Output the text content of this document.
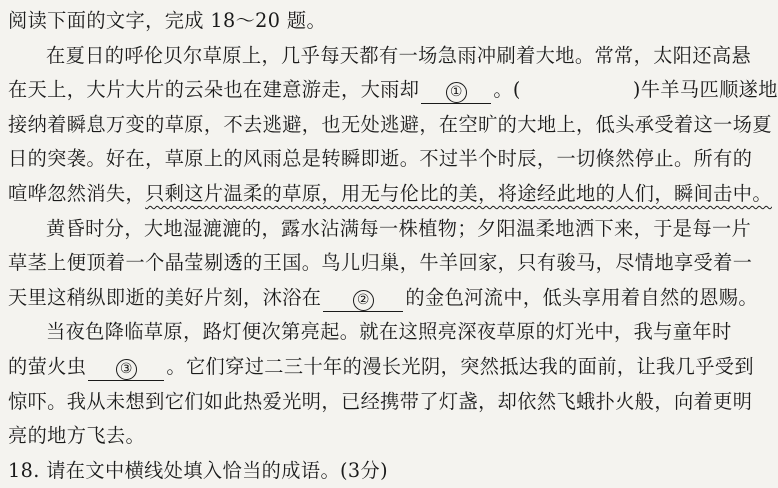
阅读下面的文字，完成 18～20 题。
在夏日的呼伦贝尔草原上，几乎每天都有一场急雨冲刷着大地。常常，太阳还高悬
在天上，大片大片的云朵也在建意游走，大雨却 ① 。(	)牛羊马匹顺遂地
接纳着瞬息万变的草原，不去逃避，也无处逃避，在空旷的大地上，低头承受着这一场夏
日的突袭。好在，草原上的风雨总是转瞬即逝。不过半个时辰，一切倏然停止。所有的
喧哗忽然消失，只剩这片温柔的草原，用无与伦比的美，将途经此地的人们，瞬间击中。
黄昏时分，大地湿漉漉的，露水沾满每一株植物；夕阳温柔地洒下来，于是每一片
草茎上便顶着一个晶莹剔透的王国。鸟儿归巢，牛羊回家，只有骏马，尽情地享受着一
天里这稍纵即逝的美好片刻，沐浴在	② 的金色河流中，低头享用着自然的恩赐。
当夜色降临草原，路灯便次第亮起。就在这照亮深夜草原的灯光中，我与童年时
的萤火虫 ③ 。它们穿过二三十年的漫长光阴，突然抵达我的面前，让我几乎受到
惊吓。我从未想到它们如此热爱光明，已经携带了灯盏，却依然飞蛾扑火般，向着更明
亮的地方飞去。
18. 请在文中横线处填入恰当的成语。(3分)
